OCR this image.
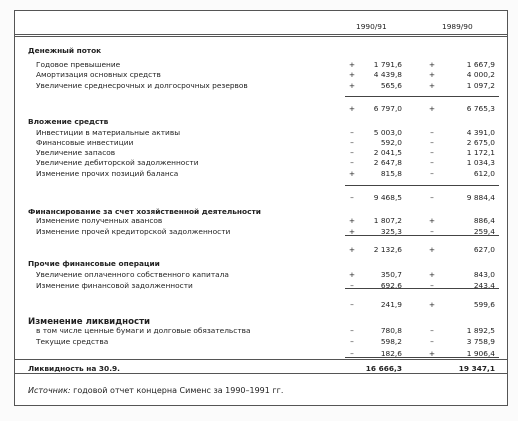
1990/91	1989/90
Денежный поток
Годовое превышение	+	1 791,6	+	1 667,9
Амортизация основных средств	+	4 439,8	+	4 000,2
Увеличение среднесрочных и долгосрочных резервов	+	565,6	+	1 097,2
+	6 797,0	+	6 765,3
Вложение средств
Инвестиции в материальные активы	–	5 003,0	–	4 391,0
Финансовые инвестиции	–	592,0	–	2 675,0
Увеличение запасов	–	2 041,5	–	1 172,1
Увеличение дебиторской задолженности	–	2 647,8	–	1 034,3
Изменение прочих позиций баланса	+	815,8	–	612,0
–	9 468,5	–	9 884,4
Финансирование за счет хозяйственной деятельности
Изменение полученных авансов	+	1 807,2	+	886,4
Изменение прочей кредиторской задолженности	+	325,3	–	259,4
+	2 132,6	+	627,0
Прочие финансовые операции
Увеличение оплаченного собственного капитала	+	350,7	+	843,0
Изменение финансовой задолженности	–	692,6	–	243,4
–	241,9	+	599,6
Изменение ликвидности
в том числе ценные бумаги и долговые обязательства	–	780,8	–	1 892,5
Текущие средства	–	598,2	–	3 758,9
–	182,6	+	1 906,4
Ликвидность на 30.9.	16 666,3	19 347,1
Источник: годовой отчет концерна Сименс за 1990–1991 гг.
